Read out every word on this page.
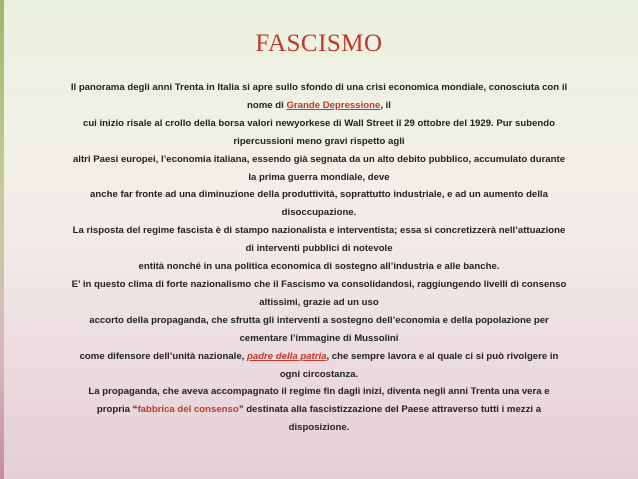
FASCISMO
Il panorama degli anni Trenta in Italia si apre sullo sfondo di una crisi economica mondiale, conosciuta con il
nome di Grande Depressione, il
cui inizio risale al crollo della borsa valori newyorkese di Wall Street il 29 ottobre del 1929. Pur subendo
ripercussioni meno gravi rispetto agli
altri Paesi europei, l’economia italiana, essendo già segnata da un alto debito pubblico, accumulato durante
la prima guerra mondiale, deve
anche far fronte ad una diminuzione della produttività, soprattutto industriale, e ad un aumento della
disoccupazione.
La risposta del regime fascista è di stampo nazionalista e interventista; essa si concretizzerà nell’attuazione
di interventi pubblici di notevole
entità nonché in una politica economica di sostegno all’industria e alle banche.
E’ in questo clima di forte nazionalismo che il Fascismo va consolidandosi, raggiungendo livelli di consenso
altissimi, grazie ad un uso
accorto della propaganda, che sfrutta gli interventi a sostegno dell’economia e della popolazione per
cementare l’immagine di Mussolini
come difensore dell’unità nazionale, padre della patria, che sempre lavora e al quale ci si può rivolgere in
ogni circostanza.
La propaganda, che aveva accompagnato il regime fin dagli inizi, diventa negli anni Trenta una vera e
propria “fabbrica del consenso” destinata alla fascistizzazione del Paese attraverso tutti i mezzi a
disposizione.
